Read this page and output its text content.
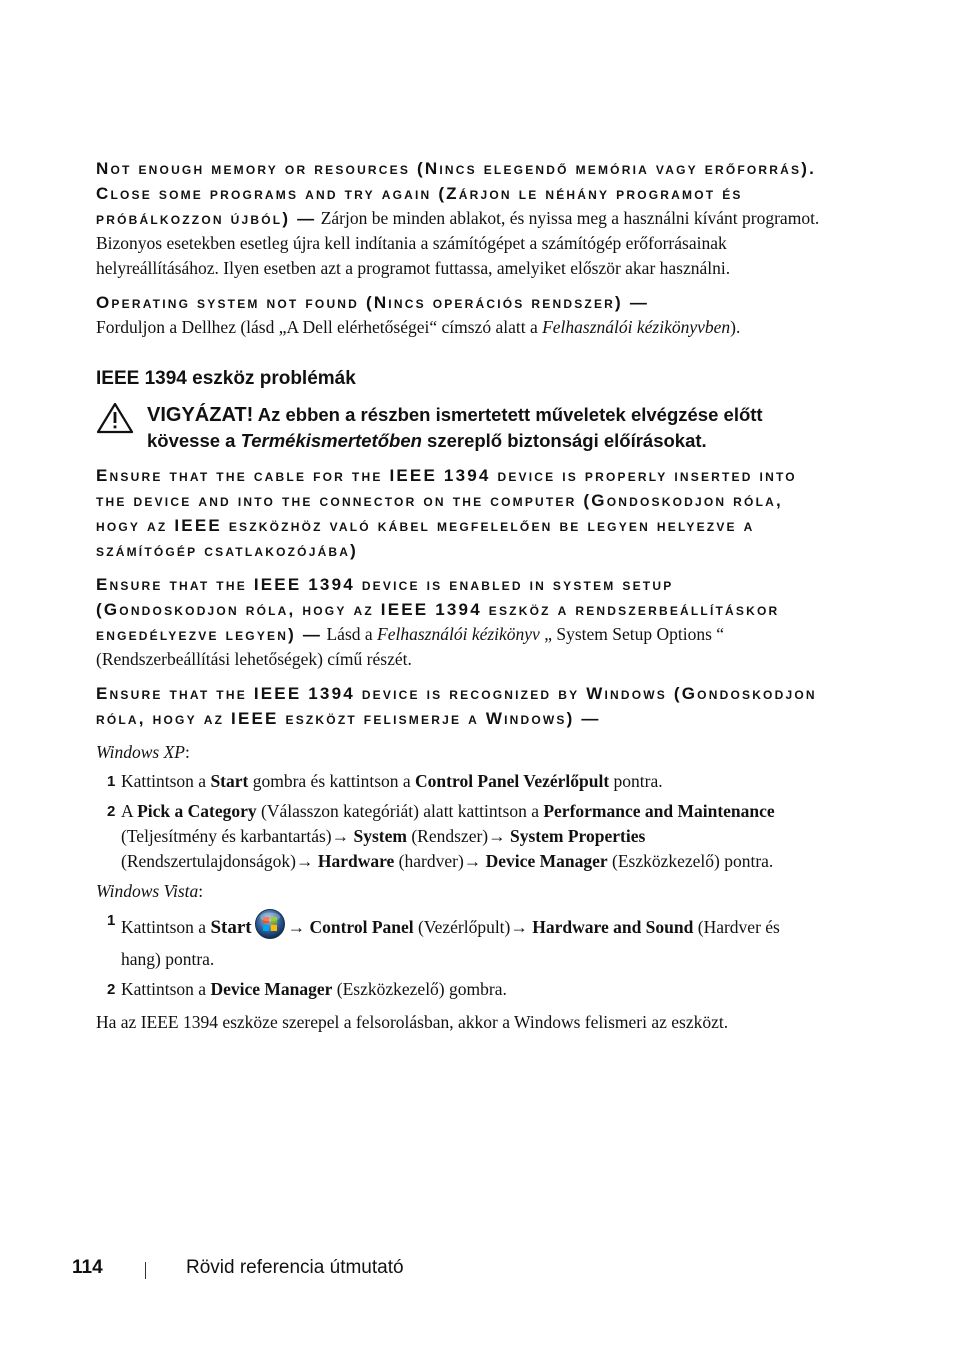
Not enough memory or resources (Nincs elegendő memória vagy erőforrás). Close some programs and try again (Zárjon le néhány programot és próbálkozzon újból) — Zárjon be minden ablakot, és nyissa meg a használni kívánt programot. Bizonyos esetekben esetleg újra kell indítania a számítógépet a számítógép erőforrásainak helyreállításához. Ilyen esetben azt a programot futtassa, amelyiket először akar használni.

Operating system not found (Nincs operációs rendszer) —
Forduljon a Dellhez (lásd „A Dell elérhetőségei“ címszó alatt a Felhasználói kézikönyvben).

IEEE 1394 eszköz problémák
VIGYÁZAT! Az ebben a részben ismertetett műveletek elvégzése előtt kövesse a Termékismertetőben szereplő biztonsági előírásokat.

Ensure that the cable for the IEEE 1394 device is properly inserted into the device and into the connector on the computer (Gondoskodjon róla, hogy az IEEE eszközhöz való kábel megfelelően be legyen helyezve a számítógép csatlakozójába)

Ensure that the IEEE 1394 device is enabled in system setup (Gondoskodjon róla, hogy az IEEE 1394 eszköz a rendszerbeállításkor engedélyezve legyen) — Lásd a Felhasználói kézikönyv „ System Setup Options “ (Rendszerbeállítási lehetőségek) című részét.

Ensure that the IEEE 1394 device is recognized by Windows (Gondoskodjon róla, hogy az IEEE eszközt felismerje a Windows) —

Windows XP:

1 Kattintson a Start gombra és kattintson a Control Panel Vezérlőpult pontra.
2 A Pick a Category (Válasszon kategóriát) alatt kattintson a Performance and Maintenance (Teljesítmény és karbantartás)→ System (Rendszer)→ System Properties (Rendszertulajdonságok)→ Hardware (hardver)→ Device Manager (Eszközkezelő) pontra.

Windows Vista:

1 Kattintson a Start → Control Panel (Vezérlőpult)→ Hardware and Sound (Hardver és hang) pontra.
2 Kattintson a Device Manager (Eszközkezelő) gombra.

Ha az IEEE 1394 eszköze szerepel a felsorolásban, akkor a Windows felismeri az eszközt.

114	Rövid referencia útmutató
